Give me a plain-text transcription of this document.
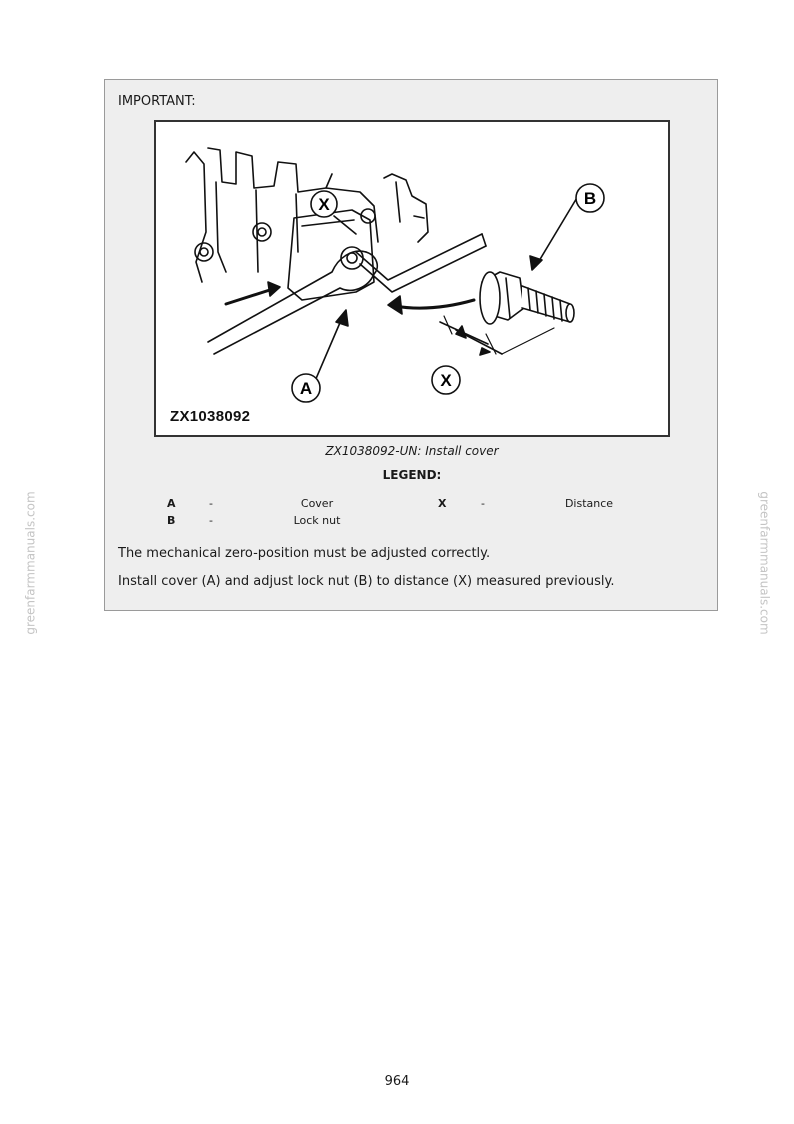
IMPORTANT:
X	B
A	X
ZX1038092
ZX1038092-UN: Install cover
LEGEND:
A	-	Cover
B	-	Lock nut
X	-	Distance
The mechanical zero-position must be adjusted correctly.
Install cover (A) and adjust lock nut (B) to distance (X) measured previously.
greenfarmmanuals.com	greenfarmmanuals.com
964
